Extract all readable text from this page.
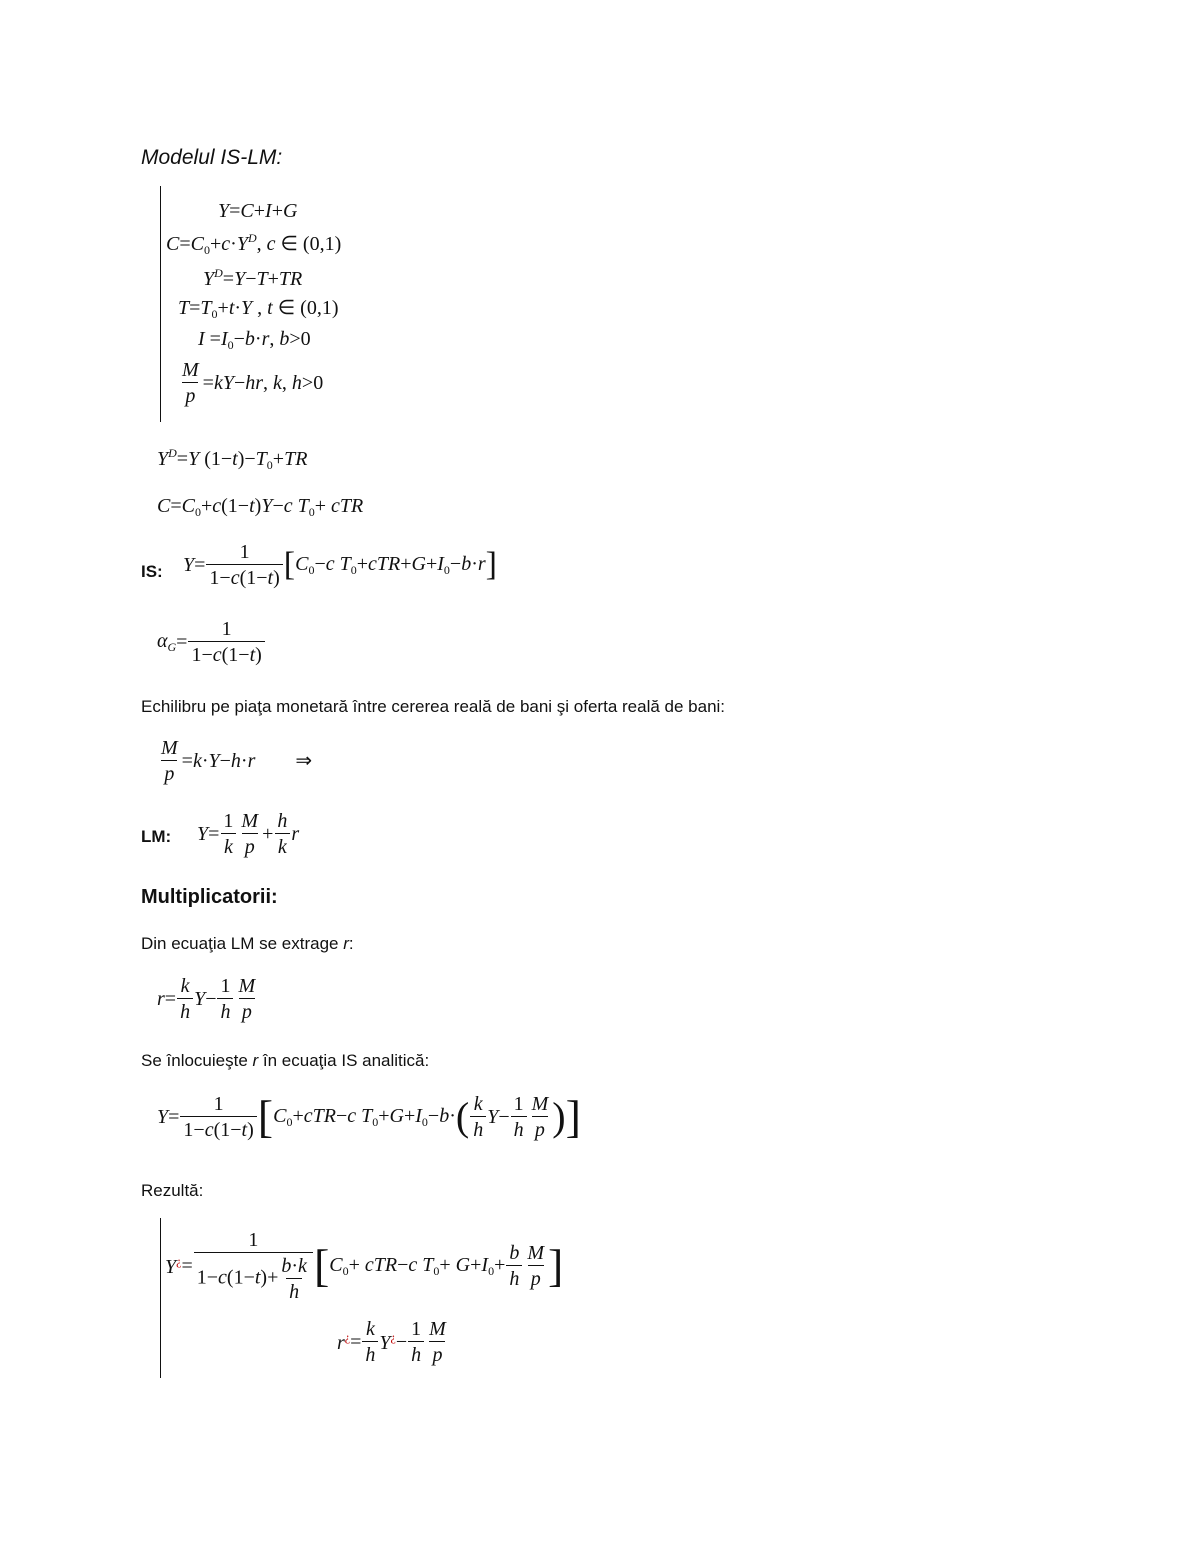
Modelul IS-LM:
Y=C+I+G
$C=C_0+c\cdot Y^D$, c ∈ (0,1)
$Y^D=Y-T+TR$
$T=T_0+t\cdot Y$ , t ∈ (0,1)
$I =I_0-b\cdot r$, b>0
$\frac{M}{p} =kY-hr$, k, h>0
$Y^D=Y$ $(1-t)-T_0+TR$
$C=C_0+c(1-t)Y-c$ $T_0+$ cTR
IS: $Y= \frac{1}{1-c(1-t)} [C_0-c$ $T_0+cTR+G+I_0-b\cdot r$]
$\alpha_G= \frac{1}{1-c(1-t)}$
Echilibru pe piaţa monetară între cererea reală de bani şi oferta reală de bani:
$\frac{M}{p} =k\cdot Y-h\cdot r$ ⇒
LM: $Y= \frac{1}{k} \frac{M}{p} + \frac{h}{k}$ r
Multiplicatorii:
Din ecuaţia LM se extrage r:
$r= \frac{k}{h} Y- \frac{1}{h} \frac{M}{p}$
Se înlocuieşte r în ecuaţia IS analitică:
$Y= \frac{1}{1-c(1-t)} [C_0+cTR-c$ $T_0+G+I_0-b\cdot( \frac{k}{h} Y- \frac{1}{h} \frac{M}{p}$ )]
Rezultă:
$Y^¿= \frac{1}{1-c(1-t)+ \frac{b\cdot k}{h}} [C_0+ cTR-c$ $T_0+ G+I_0+ \frac{b}{h} \frac{M}{p}$ ]
$r^¿= \frac{k}{h} Y^¿- \frac{1}{h} \frac{M}{p}$
